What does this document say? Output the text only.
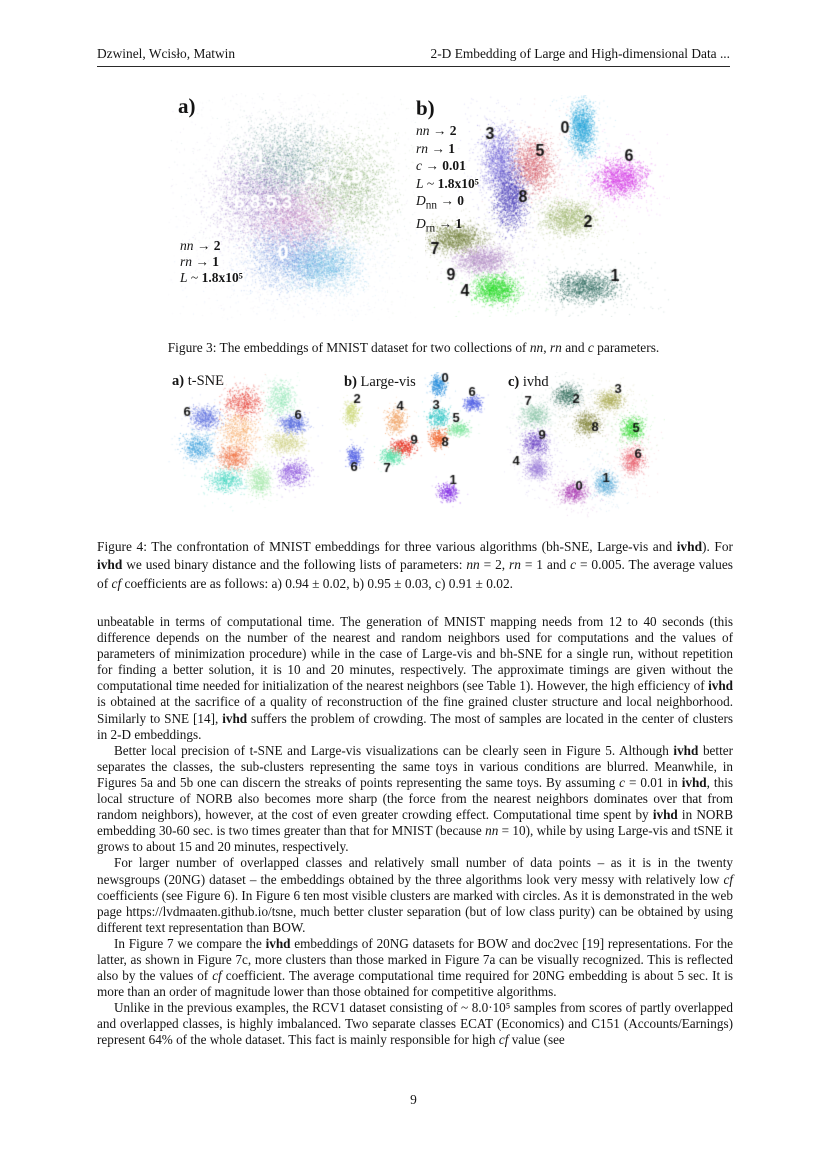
Dzwinel, Wcisło, Matwin	2-D Embedding of Large and High-dimensional Data ...
a)	b)
nn → 2
rn → 1
L ~ 1.8x10⁵
nn → 2
rn → 1
c → 0.01
L ~ 1.8x10⁵
$D_{nn} \to 0$
$D_{rn} \to 1$
Figure 3: The embeddings of MNIST dataset for two collections of nn, rn and c parameters.
a) t-SNE	b) Large-vis	c) ivhd
Figure 4: The confrontation of MNIST embeddings for three various algorithms (bh-SNE, Large-vis and ivhd). For ivhd we used binary distance and the following lists of parameters: nn = 2, rn = 1 and c = 0.005. The average values of cf coefficients are as follows: a) 0.94 ± 0.02, b) 0.95 ± 0.03, c) 0.91 ± 0.02.

unbeatable in terms of computational time. The generation of MNIST mapping needs from 12 to 40 seconds (this difference depends on the number of the nearest and random neighbors used for computations and the values of parameters of minimization procedure) while in the case of Large-vis and bh-SNE for a single run, without repetition for finding a better solution, it is 10 and 20 minutes, respectively. The approximate timings are given without the computational time needed for initialization of the nearest neighbors (see Table 1). However, the high efficiency of ivhd is obtained at the sacrifice of a quality of reconstruction of the fine grained cluster structure and local neighborhood. Similarly to SNE [14], ivhd suffers the problem of crowding. The most of samples are located in the center of clusters in 2-D embeddings.

Better local precision of t-SNE and Large-vis visualizations can be clearly seen in Figure 5. Although ivhd better separates the classes, the sub-clusters representing the same toys in various conditions are blurred. Meanwhile, in Figures 5a and 5b one can discern the streaks of points representing the same toys. By assuming c = 0.01 in ivhd, this local structure of NORB also becomes more sharp (the force from the nearest neighbors dominates over that from random neighbors), however, at the cost of even greater crowding effect. Computational time spent by ivhd in NORB embedding 30-60 sec. is two times greater than that for MNIST (because nn = 10), while by using Large-vis and tSNE it grows to about 15 and 20 minutes, respectively.

For larger number of overlapped classes and relatively small number of data points – as it is in the twenty newsgroups (20NG) dataset – the embeddings obtained by the three algorithms look very messy with relatively low cf coefficients (see Figure 6). In Figure 6 ten most visible clusters are marked with circles. As it is demonstrated in the web page https://lvdmaaten.github.io/tsne, much better cluster separation (but of low class purity) can be obtained by using different text representation than BOW.

In Figure 7 we compare the ivhd embeddings of 20NG datasets for BOW and doc2vec [19] representations. For the latter, as shown in Figure 7c, more clusters than those marked in Figure 7a can be visually recognized. This is reflected also by the values of cf coefficient. The average computational time required for 20NG embedding is about 5 sec. It is more than an order of magnitude lower than those obtained for competitive algorithms.

Unlike in the previous examples, the RCV1 dataset consisting of ~ 8.0·10⁵ samples from scores of partly overlapped and overlapped classes, is highly imbalanced. Two separate classes ECAT (Economics) and C151 (Accounts/Earnings) represent 64% of the whole dataset. This fact is mainly responsible for high cf value (see

9
